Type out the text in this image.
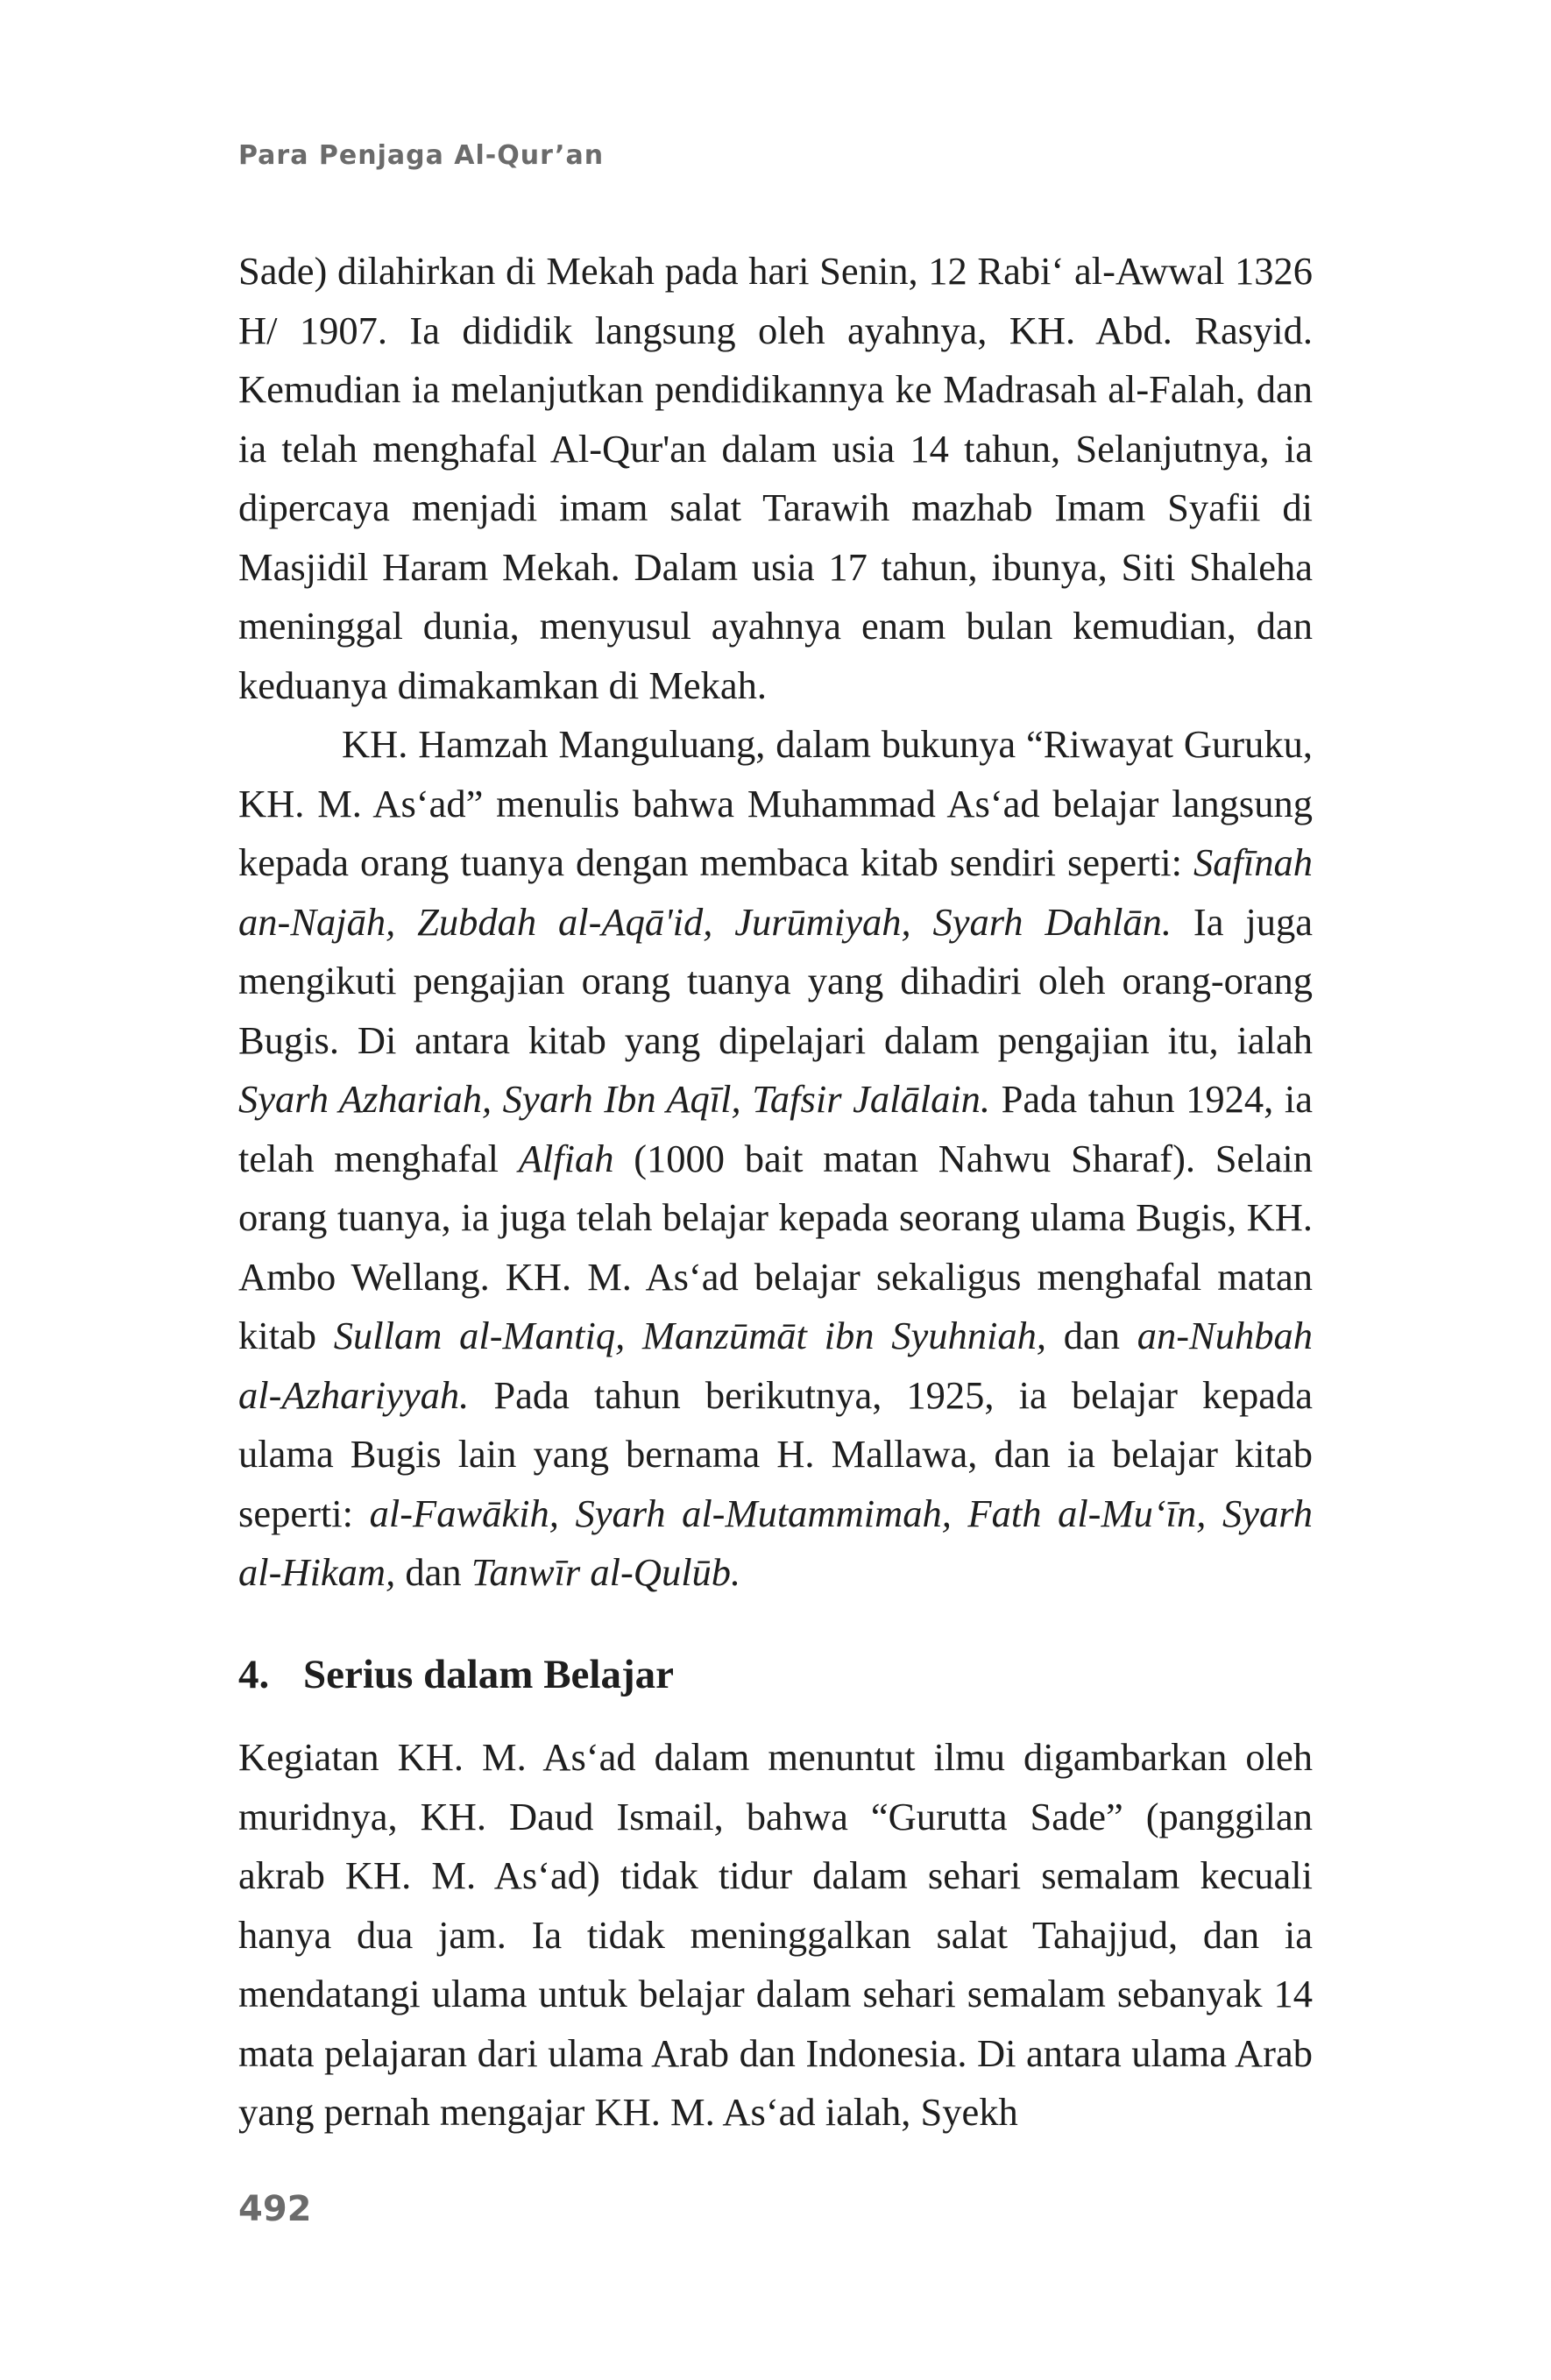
Para Penjaga Al-Qur’an

Sade) dilahirkan di Mekah pada hari Senin, 12 Rabi‘ al-Awwal 1326 H/ 1907. Ia dididik langsung oleh ayahnya, KH. Abd. Rasyid. Kemudian ia melanjutkan pendidikannya ke Madrasah al-Falah, dan ia telah menghafal Al-Qur'an dalam usia 14 tahun, Selanjutnya, ia dipercaya menjadi imam salat Tarawih mazhab Imam Syafii di Masjidil Haram Mekah. Dalam usia 17 tahun, ibunya, Siti Shaleha meninggal dunia, menyusul ayahnya enam bulan kemudian, dan keduanya dimakamkan di Mekah.

KH. Hamzah Manguluang, dalam bukunya “Riwayat Guruku, KH. M. As‘ad” menulis bahwa Muhammad As‘ad belajar langsung kepada orang tuanya dengan membaca kitab sendiri seperti: Safīnah an-Najāh, Zubdah al-Aqā'id, Jurūmiyah, Syarh Dahlān. Ia juga mengikuti pengajian orang tuanya yang dihadiri oleh orang-orang Bugis. Di antara kitab yang dipelajari dalam pengajian itu, ialah Syarh Azhariah, Syarh Ibn Aqīl, Tafsir Jalālain. Pada tahun 1924, ia telah menghafal Alfiah (1000 bait matan Nahwu Sharaf). Selain orang tuanya, ia juga telah belajar kepada seorang ulama Bugis, KH. Ambo Wellang. KH. M. As‘ad belajar sekaligus menghafal matan kitab Sullam al-Mantiq, Manzūmāt ibn Syuhniah, dan an-Nuhbah al-Azhariyyah. Pada tahun berikutnya, 1925, ia belajar kepada ulama Bugis lain yang bernama H. Mallawa, dan ia belajar kitab seperti: al-Fawākih, Syarh al-Mutammimah, Fath al-Mu‘īn, Syarh al-Hikam, dan Tanwīr al-Qulūb.

4. Serius dalam Belajar

Kegiatan KH. M. As‘ad dalam menuntut ilmu digambarkan oleh muridnya, KH. Daud Ismail, bahwa “Gurutta Sade” (panggilan akrab KH. M. As‘ad) tidak tidur dalam sehari semalam kecuali hanya dua jam. Ia tidak meninggalkan salat Tahajjud, dan ia mendatangi ulama untuk belajar dalam sehari semalam sebanyak 14 mata pelajaran dari ulama Arab dan Indonesia. Di antara ulama Arab yang pernah mengajar KH. M. As‘ad ialah, Syekh

492
